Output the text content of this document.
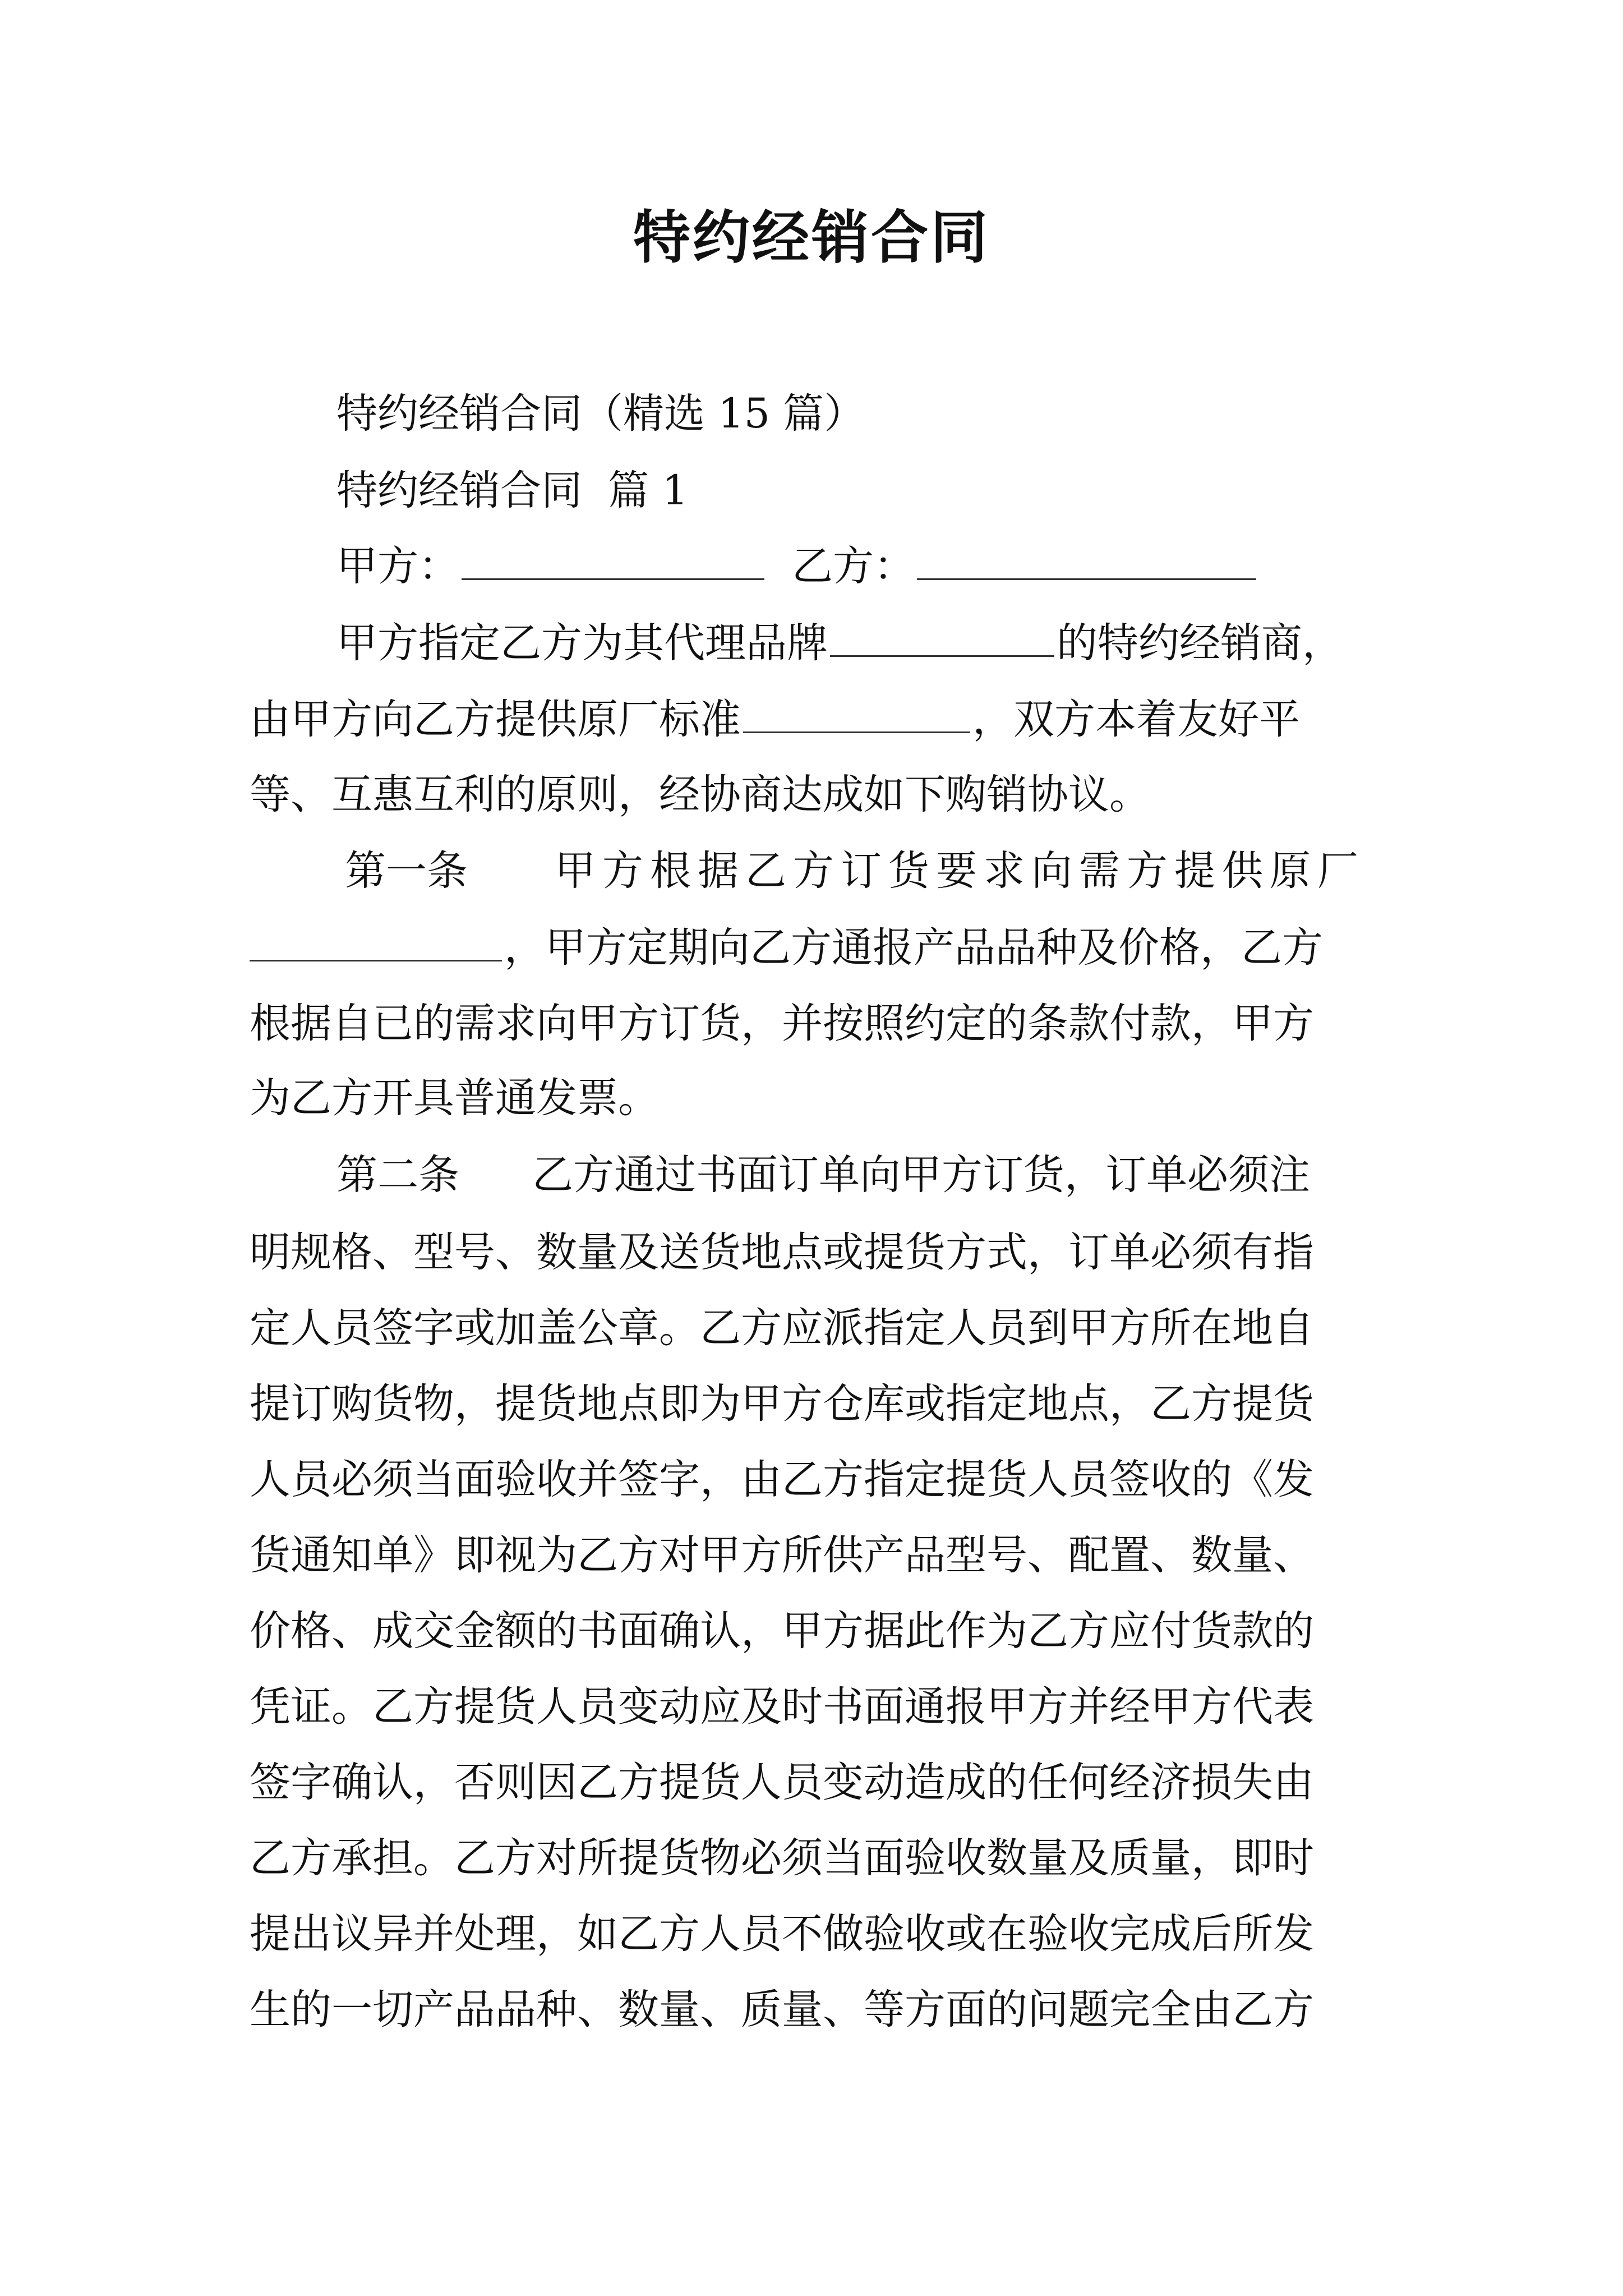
特约经销合同

特约经销合同（精选 15 篇）

特约经销合同  篇 1

甲方：	乙方：
甲方指定乙方为其代理品牌	的特约经销商，
由甲方向乙方提供原厂标准	，双方本着友好平

等、互惠互利的原则，经协商达成如下购销协议。

第一条 甲方根据乙方订货要求向需方提供原厂
，甲方定期向乙方通报产品品种及价格，乙方

根据自已的需求向甲方订货，并按照约定的条款付款，甲方

为乙方开具普通发票。

第二条 乙方通过书面订单向甲方订货，订单必须注

明规格、型号、数量及送货地点或提货方式，订单必须有指

定人员签字或加盖公章。乙方应派指定人员到甲方所在地自

提订购货物，提货地点即为甲方仓库或指定地点，乙方提货

人员必须当面验收并签字，由乙方指定提货人员签收的《发

货通知单》即视为乙方对甲方所供产品型号、配置、数量、

价格、成交金额的书面确认，甲方据此作为乙方应付货款的

凭证。乙方提货人员变动应及时书面通报甲方并经甲方代表

签字确认，否则因乙方提货人员变动造成的任何经济损失由

乙方承担。乙方对所提货物必须当面验收数量及质量，即时

提出议异并处理，如乙方人员不做验收或在验收完成后所发

生的一切产品品种、数量、质量、等方面的问题完全由乙方
